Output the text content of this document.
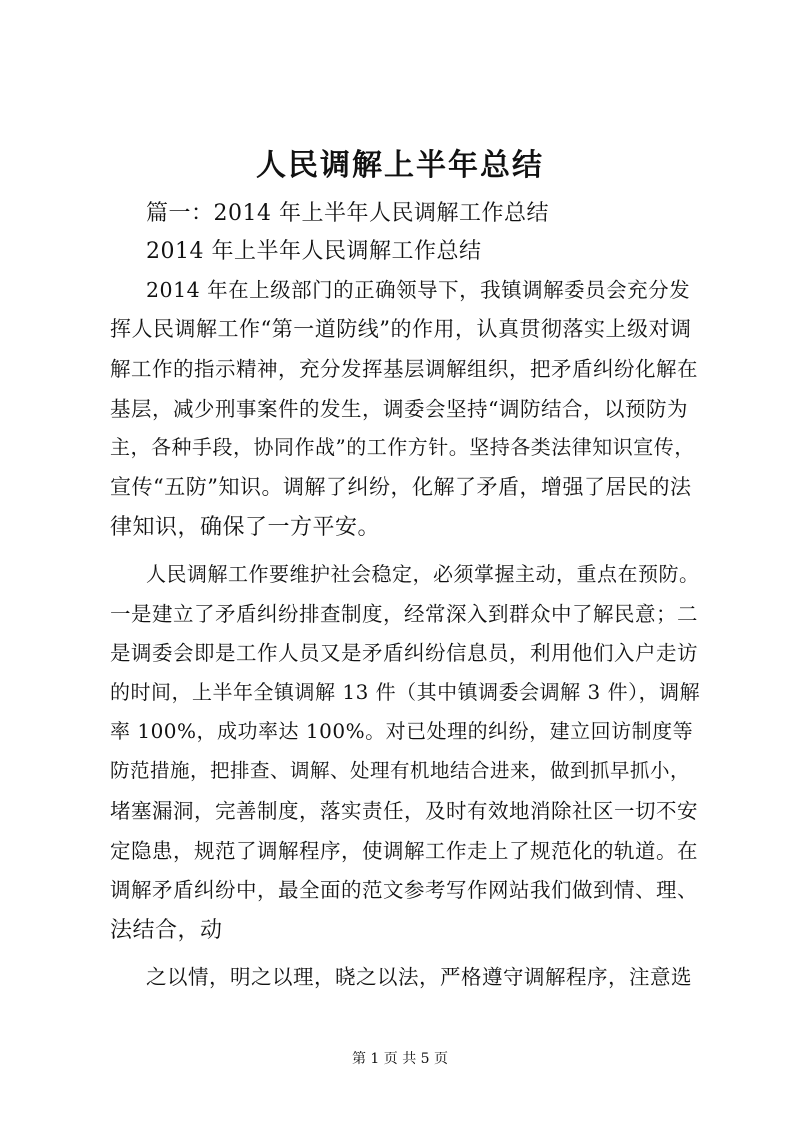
人民调解上半年总结
篇一：2014 年上半年人民调解工作总结
2014 年上半年人民调解工作总结
2014 年在上级部门的正确领导下，我镇调解委员会充分发
挥人民调解工作“第一道防线”的作用，认真贯彻落实上级对调
解工作的指示精神，充分发挥基层调解组织，把矛盾纠纷化解在
基层，减少刑事案件的发生，调委会坚持“调防结合，以预防为
主，各种手段，协同作战”的工作方针。坚持各类法律知识宣传，
宣传“五防”知识。调解了纠纷，化解了矛盾，增强了居民的法
律知识，确保了一方平安。
人民调解工作要维护社会稳定，必须掌握主动，重点在预防。
一是建立了矛盾纠纷排查制度，经常深入到群众中了解民意；二
是调委会即是工作人员又是矛盾纠纷信息员，利用他们入户走访
的时间，上半年全镇调解 13 件（其中镇调委会调解 3 件），调解
率 100%，成功率达 100%。对已处理的纠纷，建立回访制度等
防范措施，把排查、调解、处理有机地结合进来，做到抓早抓小，
堵塞漏洞，完善制度，落实责任，及时有效地消除社区一切不安
定隐患，规范了调解程序，使调解工作走上了规范化的轨道。在
调解矛盾纠纷中，最全面的范文参考写作网站我们做到情、理、
法结合，动
之以情，明之以理，晓之以法，严格遵守调解程序，注意选
第 1 页 共 5 页
